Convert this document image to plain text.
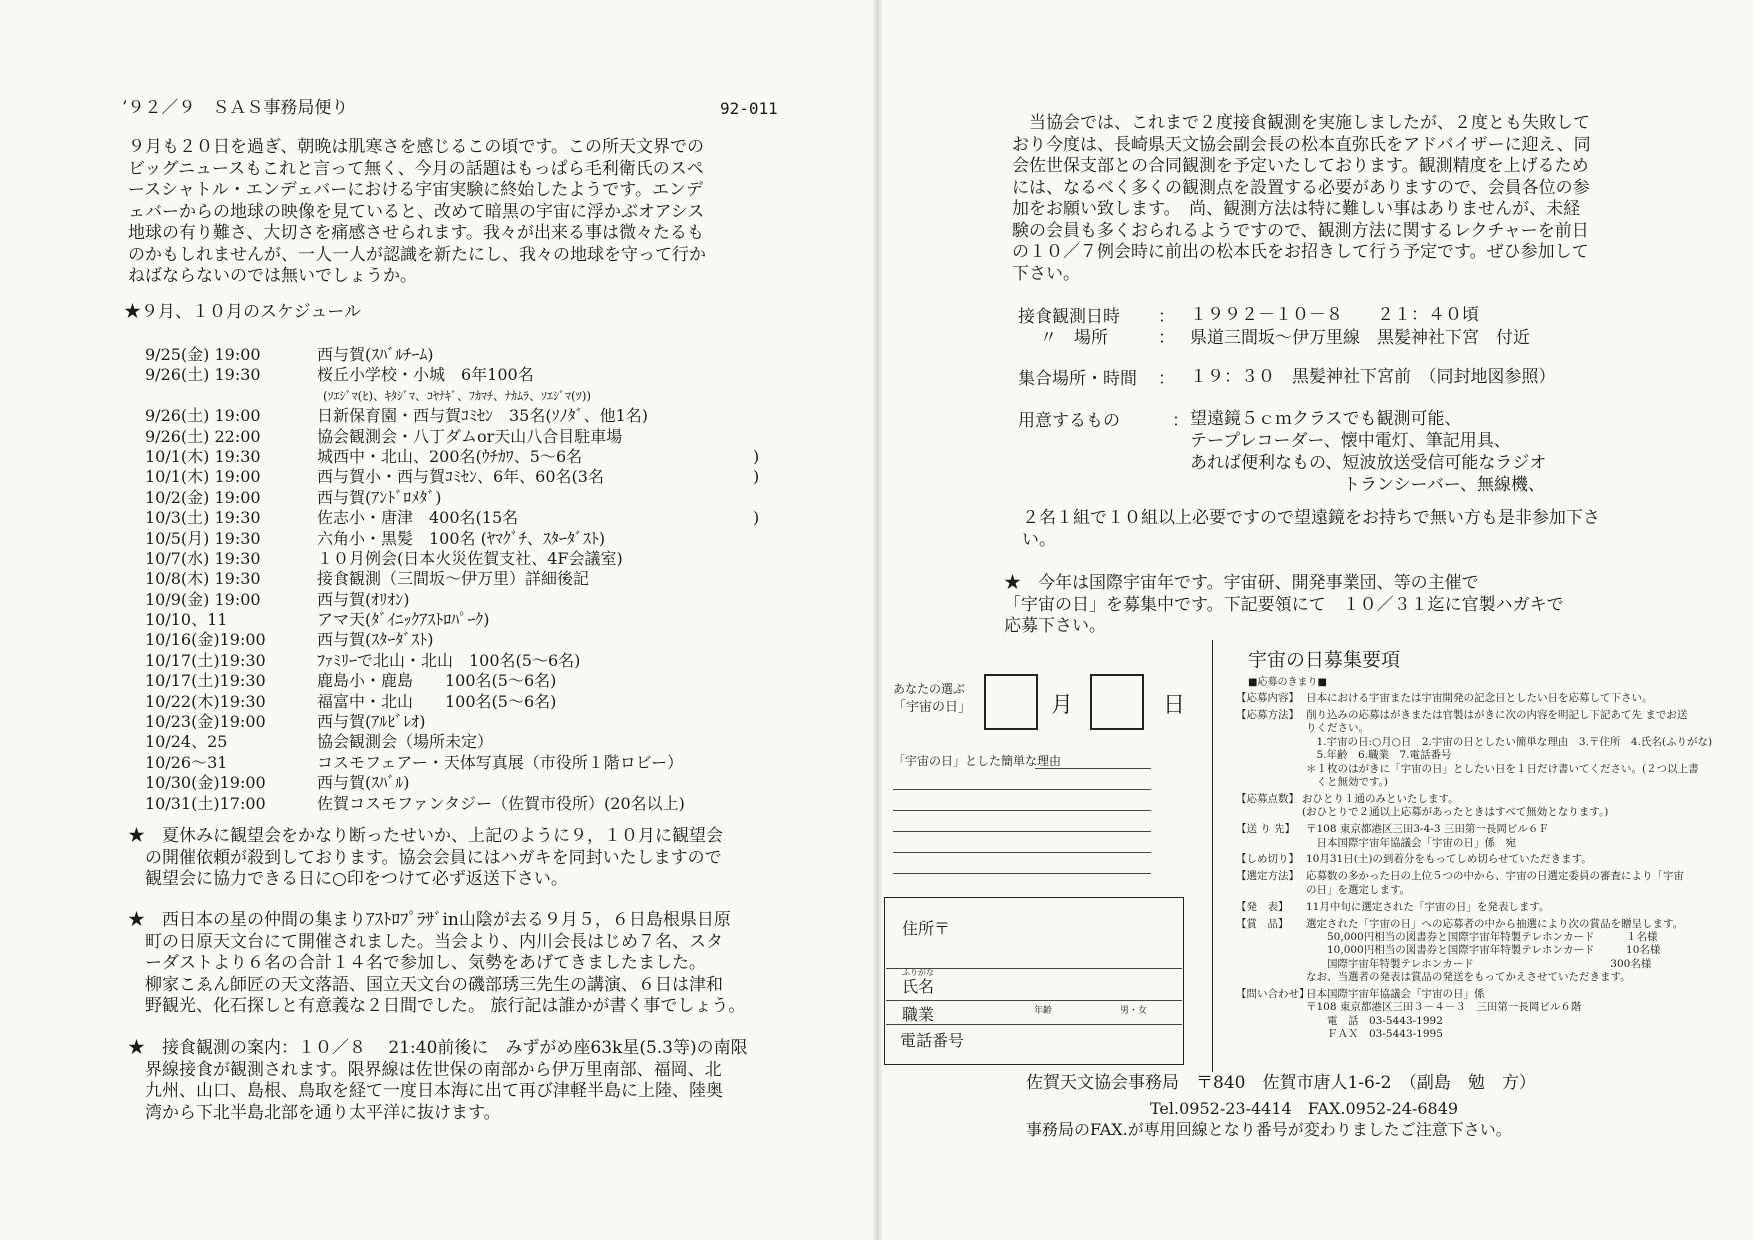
’９２／９　ＳＡＳ事務局便り	92-011
９月も２０日を過ぎ、朝晩は肌寒さを感じるこの頃です。この所天文界での
ビッグニュースもこれと言って無く、今月の話題はもっぱら毛利衛氏のスペ
ースシャトル・エンデェバーにおける宇宙実験に終始したようです。エンデ
ェバーからの地球の映像を見ていると、改めて暗黒の宇宙に浮かぶオアシス
地球の有り難さ、大切さを痛感させられます。我々が出来る事は微々たるも
のかもしれませんが、一人一人が認識を新たにし、我々の地球を守って行か
ねばならないのでは無いでしょうか。
★９月、１０月のスケジュール
9/25(金) 19:00	西与賀(ｽﾊﾞﾙﾁｰﾑ)
9/26(土) 19:30	桜丘小学校・小城　6年100名
(ｿｴｼﾞﾏ(ﾋ)、ｷﾀｼﾞﾏ、ｺﾔﾅｷﾞ、ﾌｶﾏﾁ、ﾅｶﾑﾗ、ｿｴｼﾞﾏ(ﾂ))
9/26(土) 19:00	日新保育園・西与賀ｺﾐｾﾝ　35名(ｿﾉﾀﾞ、他1名)
9/26(土) 22:00	協会観測会・八丁ダムor天山八合目駐車場
10/1(木) 19:30	城西中・北山、200名(ｳﾁｶﾜ、5～6名	)
10/1(木) 19:00	西与賀小・西与賀ｺﾐｾﾝ、6年、60名(3名	)
10/2(金) 19:00	西与賀(ｱﾝﾄﾞﾛﾒﾀﾞ)
10/3(土) 19:30	佐志小・唐津　400名(15名	)
10/5(月) 19:30	六角小・黒髪　100名 (ﾔﾏｸﾞﾁ、ｽﾀｰﾀﾞｽﾄ)
10/7(水) 19:30	１０月例会(日本火災佐賀支社、4F会議室)
10/8(木) 19:30	接食観測（三間坂～伊万里）詳細後記
10/9(金) 19:00	西与賀(ｵﾘｵﾝ)
10/10、11	アマ天(ﾀﾞｲﾆｯｸｱｽﾄﾛﾊﾟｰｸ)
10/16(金)19:00	西与賀(ｽﾀｰﾀﾞｽﾄ)
10/17(土)19:30	ﾌｧﾐﾘｰで北山・北山　100名(5～6名)
10/17(土)19:30	鹿島小・鹿島　　100名(5～6名)
10/22(木)19:30	福富中・北山　　100名(5～6名)
10/23(金)19:00	西与賀(ｱﾙﾋﾞﾚｵ)
10/24、25	協会観測会（場所未定）
10/26～31	コスモフェアー・天体写真展（市役所１階ロビー）
10/30(金)19:00	西与賀(ｽﾊﾞﾙ)
10/31(土)17:00	佐賀コスモファンタジー（佐賀市役所）(20名以上)
★　夏休みに観望会をかなり断ったせいか、上記のように９，１０月に観望会
　の開催依頼が殺到しております。協会会員にはハガキを同封いたしますので
　観望会に協力できる日に○印をつけて必ず返送下さい。
★　西日本の星の仲間の集まりｱｽﾄﾛﾌﾟﾗｻﾞin山陰が去る９月５，６日島根県日原
　町の日原天文台にて開催されました。当会より、内川会長はじめ７名、スタ
　ーダストより６名の合計１４名で参加し、気勢をあげてきましたました。
　柳家こゑん師匠の天文落語、国立天文台の磯部琇三先生の講演、６日は津和
　野観光、化石探しと有意義な２日間でした。 旅行記は誰かが書く事でしょう。
★　接食観測の案内：１０／８　 21:40前後に　みずがめ座63k星(5.3等)の南限
　界線接食が観測されます。限界線は佐世保の南部から伊万里南部、福岡、北
　九州、山口、島根、鳥取を経て一度日本海に出て再び津軽半島に上陸、陸奥
　湾から下北半島北部を通り太平洋に抜けます。
　当協会では、これまで２度接食観測を実施しましたが、２度とも失敗して
おり今度は、長崎県天文協会副会長の松本直弥氏をアドバイザーに迎え、同
会佐世保支部との合同観測を予定いたしております。観測精度を上げるため
には、なるべく多くの観測点を設置する必要がありますので、会員各位の参
加をお願い致します。　尚、観測方法は特に難しい事はありませんが、未経
験の会員も多くおられるようですので、観測方法に関するレクチャーを前日
の１０／７例会時に前出の松本氏をお招きして行う予定です。ぜひ参加して
下さい。
接食観測日時 ： １９９２－１０－８　　２１：４０頃
〃　場所	： 県道三間坂～伊万里線　黒髪神社下宮　付近
集合場所・時間 ： １９：３０　黒髪神社下宮前　（同封地図参照）
用意するもの	： 望遠鏡５ｃｍクラスでも観測可能、
テープレコーダー、懐中電灯、筆記用具、
あれば便利なもの、短波放送受信可能なラジオ
　　　　　　　　　トランシーバー、無線機、
２名１組で１０組以上必要ですので望遠鏡をお持ちで無い方も是非参加下さ
い。
★　今年は国際宇宙年です。宇宙研、開発事業団、等の主催で
「宇宙の日」を募集中です。下記要領にて　１０／３１迄に官製ハガキで
応募下さい。
あなたの選ぶ
「宇宙の日」	月	日
「宇宙の日」とした簡単な理由
住所〒
ふりがな
氏名
職業	年齢	男・女
電話番号
宇宙の日募集要項
■応募のきまり■
【応募内容】 日本における宇宙または宇宙開発の記念日としたい日を応募して下さい。
【応募方法】 削り込みの応募はがきまたは官製はがきに次の内容を明記し下記あて先 までお送
りください。
　1.宇宙の日:○月○日　2.宇宙の日としたい簡単な理由　3.〒住所　4.氏名(ふりがな)
　5.年齢　6.職業　7.電話番号
＊１枚のはがきに「宇宙の日」としたい日を１日だけ書いてください。(２つ以上書
　くと無効です。)
【応募点数】 おひとり１通のみといたします。
(おひとりで２通以上応募があったときはすべて無効となります。)
【送 り 先】 〒108 東京都港区三田3-4-3 三田第一長岡ビル６Ｆ
　日本国際宇宙年協議会「宇宙の日」係　宛
【しめ切り】 10月31日(土)の到着分をもってしめ切らせていただきます。
【選定方法】 応募数の多かった日の上位５つの中から、宇宙の日選定委員の審査により「宇宙
の日」を選定します。
【発　表】 11月中旬に選定された「宇宙の日」を発表します。
【賞　品】 選定された「宇宙の日」への応募者の中から抽選により次の賞品を贈呈します。
　　50,000円相当の図書券と国際宇宙年特製テレホンカード　　　１名様
　　10,000円相当の図書券と国際宇宙年特製テレホンカード　　　10名様
　　国際宇宙年特製テレホンカード　　　　　　　　　　　　　300名様
なお、当選者の発表は賞品の発送をもってかえさせていただきます。
【問い合わせ】
日本国際宇宙年協議会「宇宙の日」係
〒108 東京都港区三田３－４－３　三田第一長岡ビル６階
　　電　話　03-5443-1992
　　ＦＡＸ　03-5443-1995
佐賀天文協会事務局　〒840　佐賀市唐人1-6-2　（副島　勉　方）
Tel.0952-23-4414　FAX.0952-24-6849
事務局のFAX.が専用回線となり番号が変わりましたご注意下さい。
